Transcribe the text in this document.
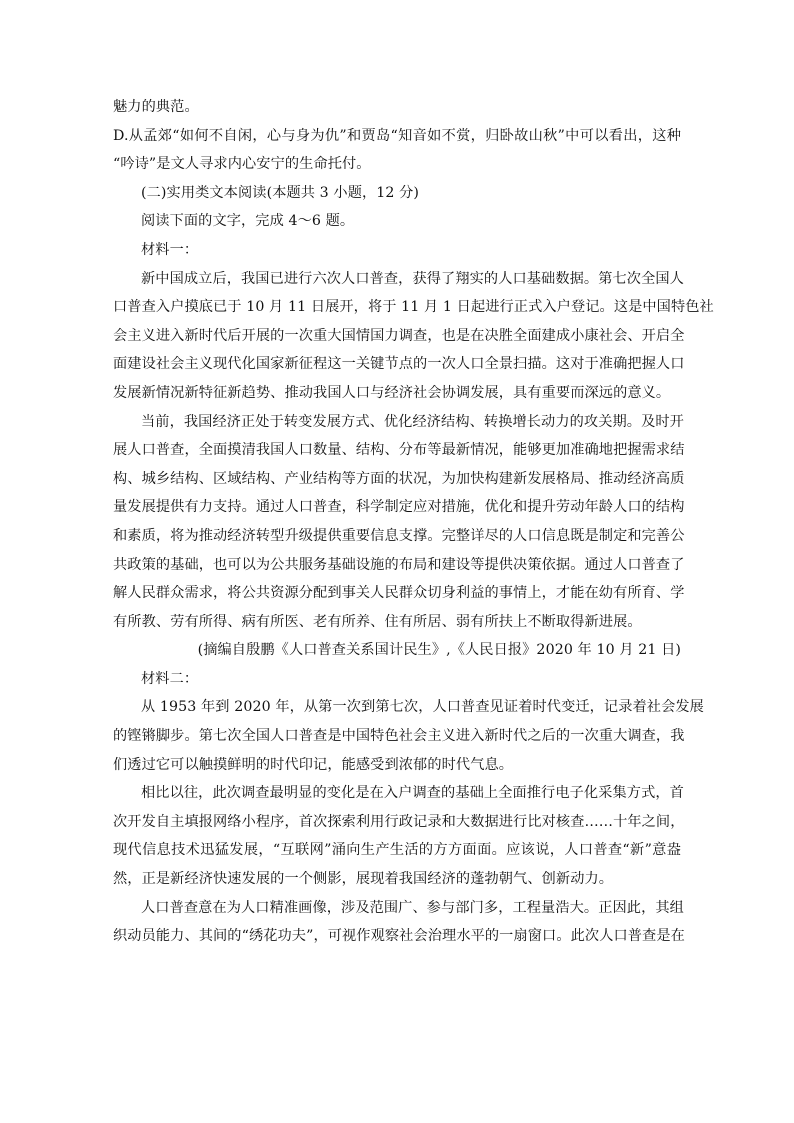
魅力的典范。
D.从孟郊“如何不自闲，心与身为仇”和贾岛“知音如不赏，归卧故山秋”中可以看出，这种
“吟诗”是文人寻求内心安宁的生命托付。
(二)实用类文本阅读(本题共 3 小题，12 分)
阅读下面的文字，完成 4～6 题。
材料一：
新中国成立后，我国已进行六次人口普查，获得了翔实的人口基础数据。第七次全国人
口普查入户摸底已于 10 月 11 日展开，将于 11 月 1 日起进行正式入户登记。这是中国特色社
会主义进入新时代后开展的一次重大国情国力调查，也是在决胜全面建成小康社会、开启全
面建设社会主义现代化国家新征程这一关键节点的一次人口全景扫描。这对于准确把握人口
发展新情况新特征新趋势、推动我国人口与经济社会协调发展，具有重要而深远的意义。
当前，我国经济正处于转变发展方式、优化经济结构、转换增长动力的攻关期。及时开
展人口普查，全面摸清我国人口数量、结构、分布等最新情况，能够更加准确地把握需求结
构、城乡结构、区域结构、产业结构等方面的状况，为加快构建新发展格局、推动经济高质
量发展提供有力支持。通过人口普查，科学制定应对措施，优化和提升劳动年龄人口的结构
和素质，将为推动经济转型升级提供重要信息支撑。完整详尽的人口信息既是制定和完善公
共政策的基础，也可以为公共服务基础设施的布局和建设等提供决策依据。通过人口普查了
解人民群众需求，将公共资源分配到事关人民群众切身利益的事情上，才能在幼有所育、学
有所教、劳有所得、病有所医、老有所养、住有所居、弱有所扶上不断取得新进展。
(摘编自殷鹏《人口普查关系国计民生》,《人民日报》2020 年 10 月 21 日)
材料二：
从 1953 年到 2020 年，从第一次到第七次，人口普查见证着时代变迁，记录着社会发展
的铿锵脚步。第七次全国人口普查是中国特色社会主义进入新时代之后的一次重大调查，我
们透过它可以触摸鲜明的时代印记，能感受到浓郁的时代气息。
相比以往，此次调查最明显的变化是在入户调查的基础上全面推行电子化采集方式，首
次开发自主填报网络小程序，首次探索利用行政记录和大数据进行比对核查……十年之间，
现代信息技术迅猛发展，“互联网”涌向生产生活的方方面面。应该说，人口普查“新”意盎
然，正是新经济快速发展的一个侧影，展现着我国经济的蓬勃朝气、创新动力。
人口普查意在为人口精准画像，涉及范围广、参与部门多，工程量浩大。正因此，其组
织动员能力、其间的“绣花功夫”，可视作观察社会治理水平的一扇窗口。此次人口普查是在
